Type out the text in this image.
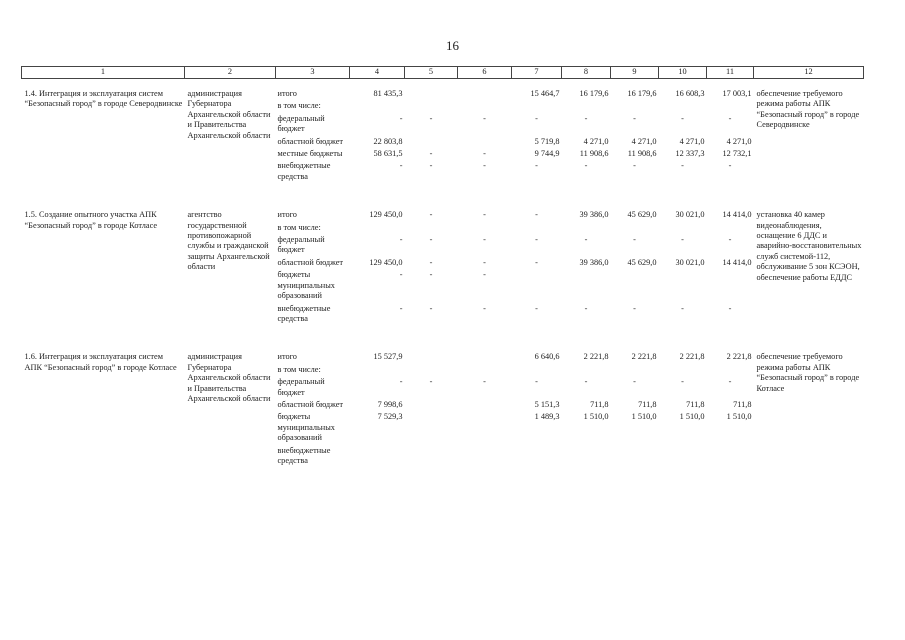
16
1	2	3	4	5	6	7	8	9	10	11	12
1.4. Интеграция и эксплуатация систем “Безопасный город” в городе Северодвинске	администрация Губернатора Архангельской области и Правительства Архангельской области	итого	81 435,3			15 464,7	16 179,6	16 179,6	16 608,3	17 003,1	обеспечение требуемого режима работы АПК “Безопасный город” в городе Северодвинске
		в том числе:									
		федеральный бюджет	-	-	-	-	-	-	-	-	
		областной бюджет	22 803,8			5 719,8	4 271,0	4 271,0	4 271,0	4 271,0	
		местные бюджеты	58 631,5	-	-	9 744,9	11 908,6	11 908,6	12 337,3	12 732,1	
		внебюджетные средства	-	-	-	-	-	-	-	-	

1.5. Создание опытного участка АПК “Безопасный город” в городе Котласе	агентство государственной противопожарной службы и гражданской защиты Архангельской области	итого	129 450,0	-	-	-	39 386,0	45 629,0	30 021,0	14 414,0	установка 40 камер видеонаблюдения, оснащение 6 ДДС и аварийно-восстановительных служб системой-112, обслуживание 5 зон КСЭОН, обеспечение работы ЕДДС
		в том числе:									
		федеральный бюджет	-	-	-	-	-	-	-	-	
		областной бюджет	129 450,0	-	-	-	39 386,0	45 629,0	30 021,0	14 414,0	
		бюджеты муниципальных образований	-	-	-						
		внебюджетные средства	-	-	-	-	-	-	-	-	

1.6. Интеграция и эксплуатация систем АПК “Безопасный город” в городе Котласе	администрация Губернатора Архангельской области и Правительства Архангельской области	итого	15 527,9			6 640,6	2 221,8	2 221,8	2 221,8	2 221,8	обеспечение требуемого режима работы АПК “Безопасный город” в городе Котласе
		в том числе:									
		федеральный бюджет	-	-	-	-	-	-	-	-	
		областной бюджет	7 998,6			5 151,3	711,8	711,8	711,8	711,8	
		бюджеты муниципальных образований	7 529,3			1 489,3	1 510,0	1 510,0	1 510,0	1 510,0	
		внебюджетные средства									
